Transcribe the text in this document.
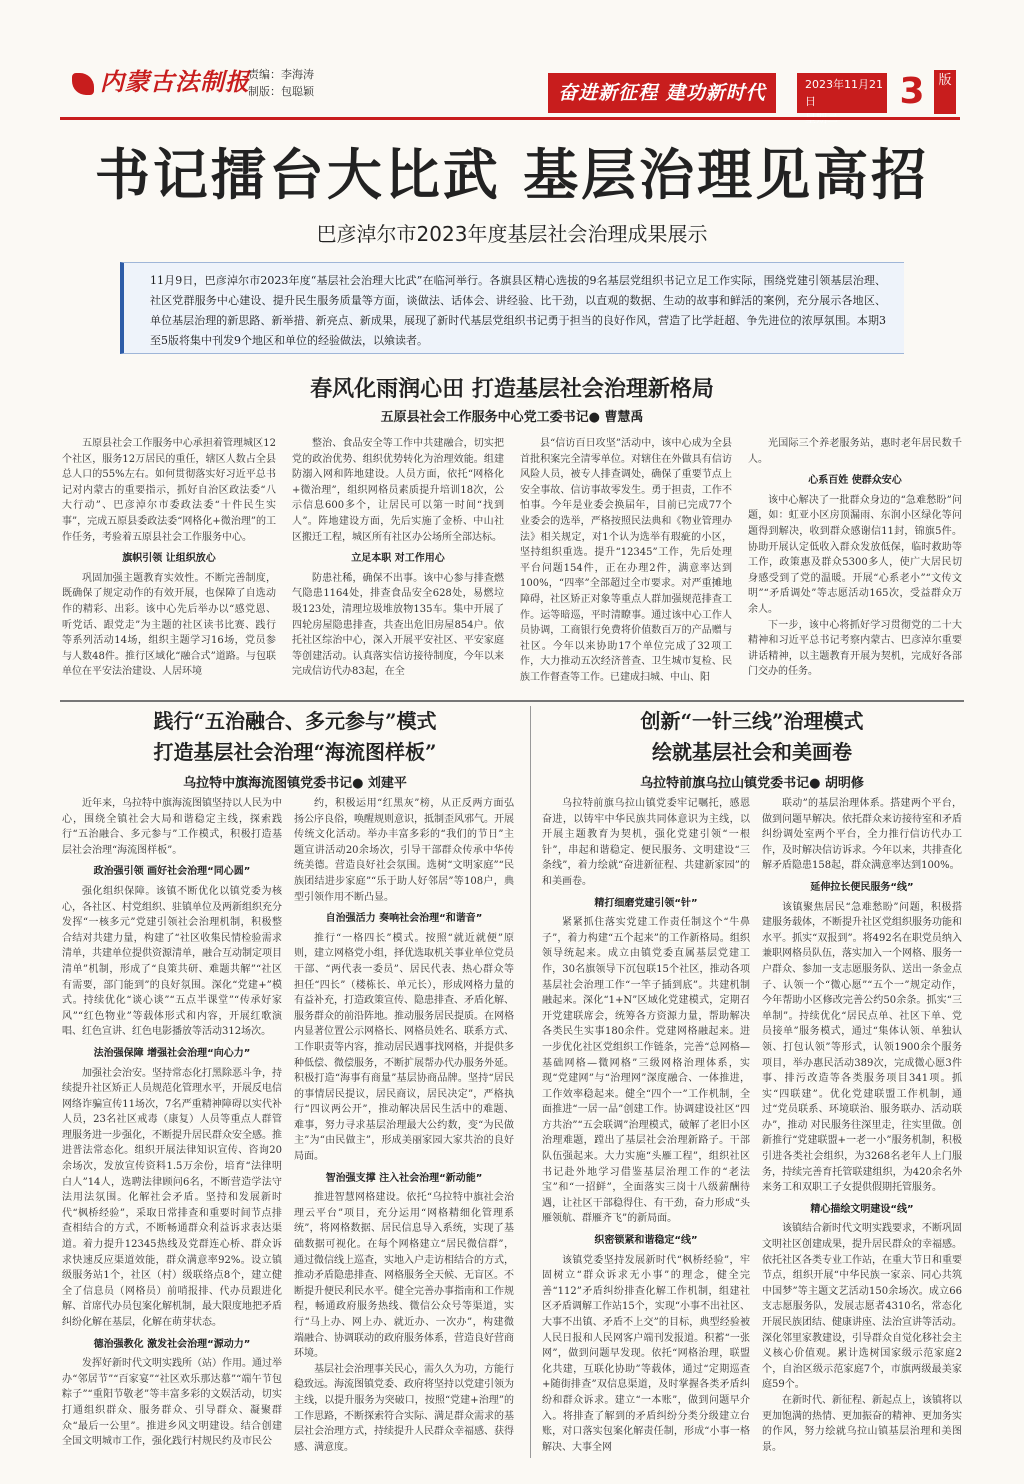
内蒙古法制报
责编：李海涛
制版：包聪颖	奋进新征程 建功新时代	2023年11月21日	3	版
书记擂台大比武 基层治理见高招
巴彦淖尔市2023年度基层社会治理成果展示
11月9日，巴彦淖尔市2023年度“基层社会治理大比武”在临河举行。各旗县区精心选拔的9名基层党组织书记立足工作实际，围绕党建引领基层治理、社区党群服务中心建设、提升民生服务质量等方面，谈做法、话体会、讲经验、比干劲，以直观的数据、生动的故事和鲜活的案例，充分展示各地区、单位基层治理的新思路、新举措、新亮点、新成果，展现了新时代基层党组织书记勇于担当的良好作风，营造了比学赶超、争先进位的浓厚氛围。本期3至5版将集中刊发9个地区和单位的经验做法，以飨读者。
春风化雨润心田 打造基层社会治理新格局
五原县社会工作服务中心党工委书记● 曹慧禹

五原县社会工作服务中心承担着管理城区12个社区，服务12万居民的重任，辖区人数占全县总人口的55%左右。如何贯彻落实好习近平总书记对内蒙古的重要指示，抓好自治区政法委“八大行动”、巴彦淖尔市委政法委“十件民生实事”，完成五原县委政法委“网格化+微治理”的工作任务，考验着五原县社会工作服务中心。

旗帜引领 让组织放心

巩固加强主题教育实效性。不断完善制度，既确保了规定动作的有效开展，也保障了自选动作的精彩、出彩。该中心先后举办以“感党恩、听党话、跟党走”为主题的社区读书比赛、践行等系列活动14场，组织主题学习16场，党员参与人数48件。推行区域化“融合式”道路。与包联单位在平安法治建设、人居环境

整治、食品安全等工作中共建融合，切实把党的政治优势、组织优势转化为治理效能。组建防溺入网和阵地建设。人员方面，依托“网格化+微治理”，组织网格员素质提升培训18次，公示信息600多个，让居民可以第一时间“找到人”。阵地建设方面，先后实施了金桥、中山社区搬迁工程，城区所有社区办公场所全部达标。

立足本职 对工作用心

防患社稀，确保不出事。该中心参与排查燃气隐患1164处，排查食品安全628处，易燃垃圾123处，清理垃圾堆放物135车。集中开展了四轮房屋隐患排查，共查出危旧房屋854户。依托社区综治中心，深入开展平安社区、平安家庭等创建活动。认真落实信访接待制度，今年以来完成信访代办83起，在全

县“信访百日攻坚”活动中，该中心成为全县首批积案完全清零单位。对辖住在外做具有信访风险人员，被专人排查调处，确保了重要节点上安全事故、信访事故零发生。勇于担责，工作不怕事。今年是业委会换届年，目前已完成77个业委会的选举，严格按照民法典和《物业管理办法》相关规定，对1个认为选举有瑕疵的小区，坚持组织重选。提升“12345”工作，先后处理平台问题154件，正在办理2件，满意率达到100%，“四率”全部超过全市要求。对严重摊地障碍，社区矫正对象等重点人群加强规范排查工作。运等暗巡，平时清瞭事。通过该中心工作人员协调，工商银行免费将价值数百万的产品赠与社区。今年以来协助17个单位完成了32项工作，大力推动五次经济普查、卫生城市复检、民族工作督查等工作。已建成扫城、中山、阳

光国际三个养老服务站，惠时老年居民数千人。

心系百姓 使群众安心

该中心解决了一批群众身边的“急难愁盼”问题，如：虹亚小区房顶漏雨、东润小区绿化等问题得到解决，收到群众感谢信11封，锦旗5件。协助开展认定低收入群众发放低保，临时救助等工作，政策惠及群众5300多人，使广大居民切身感受到了党的温暖。开展“心系老小”“文传文明”“矛盾调处”等志愿活动165次，受益群众万余人。

下一步，该中心将抓好学习贯彻党的二十大精神和习近平总书记考察内蒙古、巴彦淖尔重要讲话精神，以主题教育开展为契机，完成好各部门交办的任务。

践行“五治融合、多元参与”模式
打造基层社会治理“海流图样板”
乌拉特中旗海流图镇党委书记● 刘建平

近年来，乌拉特中旗海流图镇坚持以人民为中心，围绕全镇社会大局和谐稳定主线，探索践行“五治融合、多元参与”工作模式，积极打造基层社会治理“海流图样板”。

政治强引领 画好社会治理“同心圆”

强化组织保障。该镇不断优化以镇党委为核心，各社区、村党组织、驻镇单位及两新组织充分发挥“一核多元”党建引领社会治理机制，积极整合结对共建力量，构建了“社区收集民情检验需求清单，共建单位提供资源清单，融合互动制定项目清单”机制，形成了“良策共研、难题共解”“社区有需要，部门能到”的良好氛围。深化“党建+”模式。持续优化“谈心谈”“五点半课堂”“传承好家风”“红色物业”等载体形式和内容，开展红歌演唱、红色宣讲、红色电影播放等活动312场次。

法治强保障 增强社会治理“向心力”

加强社会治安。坚持常态化打黑除恶斗争，持续提升社区矫正人员规范化管理水平，开展反电信网络诈骗宣传11场次，7名严重精神障碍以实代补人员，23名社区戒毒（康复）人员等重点人群管理服务进一步强化，不断提升居民群众安全感。推进普法常态化。组织开展法律知识宣传、咨询20余场次，发放宣传资料1.5万余份，培育“法律明白人”14人，选聘法律顾问6名，不断营造学法守法用法氛围。化解社会矛盾。坚持和发展新时代“枫桥经验”，采取日常排查和重要时间节点排查相结合的方式，不断畅通群众利益诉求表达渠道。着力提升12345热线及党群连心桥、群众诉求快速反应渠道效能，群众满意率92%。设立镇级服务站1个，社区（村）级联络点8个，建立健全了信息员（网格员）前哨报排、代办员跟进化解、首席代办员包案化解机制，最大限度地把矛盾纠纷化解在基层，化解在萌芽状态。

德治强教化 激发社会治理“源动力”

发挥好新时代文明实践所（站）作用。通过举办“邻居节”“百家宴”“社区欢乐那达慕”“端午节包粽子”“重阳节敬老”等丰富多彩的文娱活动，切实打通组织群众、服务群众、引导群众、凝聚群众“最后一公里”。推进乡风文明建设。结合创建全国文明城市工作，强化践行村规民约及市民公

约，积极运用“红黑灰”榜，从正反两方面弘扬公序良俗，唤醒规则意识，抵制歪风邪气。开展传统文化活动。举办丰富多彩的“我们的节日”主题宣讲活动20余场次，引导干部群众传承中华传统美德。营造良好社会氛围。选树“文明家庭”“民族团结进步家庭”“乐于助人好邻居”等108户，典型引领作用不断凸显。

自治强活力 奏响社会治理“和谐音”

推行“一格四长”模式。按照“就近就便”原则，建立网格党小组，择优选取机关事业单位党员干部、“两代表一委员”、居民代表、热心群众等担任“四长”（楼栋长、单元长），形成网格力量的有益补充，打造政策宣传、隐患排查、矛盾化解、服务群众的前沿阵地。推动服务居民提质。在网格内显著位置公示网格长、网格员姓名、联系方式、工作职责等内容，推动居民遇事找网格，并提供多种低偿、微偿服务，不断扩展帮办代办服务外延。积极打造“海事有商量”基层协商品牌。坚持“居民的事情居民提议，居民商议，居民决定”，严格执行“四议两公开”，推动解决居民生活中的难题、难事，努力寻求基层治理最大公约数，变“为民做主”为“由民做主”，形成美丽家园大家共治的良好局面。

智治强支撑 注入社会治理“新动能”

推进智慧网格建设。依托“乌拉特中旗社会治理云平台”项目，充分运用“网格精细化管理系统”，将网格数据、居民信息导入系统，实现了基础数据可视化。在每个网格建立“居民微信群”，通过微信线上巡查，实地入户走访相结合的方式，推动矛盾隐患排查、网格服务全天候、无盲区。不断提升便民利民水平。健全完善办事指南和工作规程，畅通政府服务热线、微信公众号等渠道，实行“马上办、网上办、就近办、一次办”，构建微端融合、协调联动的政府服务体系，营造良好营商环境。

基层社会治理事关民心，需久久为功，方能行稳致远。海流图镇党委、政府将坚持以党建引领为主线，以提升服务为突破口，按照“党建+治理”的工作思路，不断探索符合实际、满足群众需求的基层社会治理方式，持续提升人民群众幸福感、获得感、满意度。

创新“一针三线”治理模式
绘就基层社会和美画卷
乌拉特前旗乌拉山镇党委书记● 胡明修

乌拉特前旗乌拉山镇党委牢记嘱托，感恩奋进，以铸牢中华民族共同体意识为主线，以开展主题教育为契机，强化党建引领“一根针”，串起和谐稳定、便民服务、文明建设“三条线”，着力绘就“奋进新征程、共建新家园”的和美画卷。

精打细磨党建引领“针”

紧紧抓住落实党建工作责任制这个“牛鼻子”，着力构建“五个起来”的工作新格局。组织领导统起来。成立由镇党委直属基层党建工作，30名旗领导下沉包联15个社区，推动各项基层社会治理工作“一竿子插到底”。共建机制融起来。深化“1+N”区域化党建模式，定期召开党建联席会，统筹各方资源力量，帮助解决各类民生实事180余件。党建网格融起来。进一步优化社区党组织工作链条，完善“总网格—基础网格—微网格”三级网格治理体系，实现“党建网”与“治理网”深度融合、一体推进，工作效率稳起来。健全“四个一”工作机制，全面推进“一居一品”创建工作。协调建设社区“四方共治”“五会联调”治理模式，破解了老旧小区治理难题，蹚出了基层社会治理新路子。干部队伍强起来。大力实施“头雁工程”，组织社区书记赴外地学习借鉴基层治理工作的“老法宝”和“一招鲜”，全面落实三岗十八级薪酬待遇，让社区干部稳得住、有干劲，奋力形成“头雁领航、群雁齐飞”的新局面。

织密锁紧和谐稳定“线”

该镇党委坚持发展新时代“枫桥经验”，牢固树立“群众诉求无小事”的理念，健全完善“112”矛盾纠纷排查化解工作机制，组建社区矛盾调解工作站15个，实现“小事不出社区、大事不出镇、矛盾不上交”的目标，典型经验被人民日报和人民网客户端刊发报道。积蓄“一张网”，做到问题早发现。依托“网格治理，联盟化共建，互联化协助”等载体，通过“定期巡查+随街排查”双信息渠道，及时掌握各类矛盾纠纷和群众诉求。建立“一本账”，做到问题早介入。将排查了解到的矛盾纠纷分类分级建立台账，对口落实包案化解责任制，形成“小事一格解决、大事全网

联动”的基层治理体系。搭建两个平台，做到问题早解决。依托群众来访接待室和矛盾纠纷调处室两个平台，全力推行信访代办工作，及时解决信访诉求。今年以来，共排查化解矛盾隐患158起，群众满意率达到100%。

延伸拉长便民服务“线”

该镇聚焦居民“急难愁盼”问题，积极搭建服务载体，不断提升社区党组织服务功能和水平。抓实“双报到”。将492名在职党员纳入兼职网格员队伍，落实加入一个网格、服务一户群众、参加一支志愿服务队、送出一条金点子、认领一个“微心愿”“五个一”规定动作，今年帮助小区修改完善公约50余条。抓实“三单制”。持续优化“居民点单、社区下单、党员接单”服务模式，通过“集体认领、单独认领、打包认领”等形式，认领1900余个服务项目，举办惠民活动389次，完成微心愿3件事、排污改造等各类服务项目341项。抓实“四联建”。优化党建联盟工作机制，通过“党员联系、环境联治、服务联办、活动联办”，推动 对民服务往深里走，往实里做。创新推行“党建联盟+一老一小”服务机制，积极引进各类社会组织，为3268名老年人上门服务，持续完善育托管联建组织，为420余名外来务工和双职工子女提供假期托管服务。

精心描绘文明建设“线”

该镇结合新时代文明实践要求，不断巩固文明社区创建成果，提升居民群众的幸福感。依托社区各类专业工作站，在重大节日和重要节点，组织开展“中华民族一家亲、同心共筑中国梦”等主题文艺活动150余场次。成立66支志愿服务队，发展志愿者4310名，常态化开展民族团结、健康讲座、法治宣讲等活动。深化邻里家教建设，引导群众自觉化移社会主义核心价值观。累计选树国家级示范家庭2个，自治区级示范家庭7个，市旗两级最美家庭59个。

在新时代、新征程、新起点上，该镇将以更加饱满的热情、更加振奋的精神、更加务实的作风，努力绘就乌拉山镇基层治理和美图景。
